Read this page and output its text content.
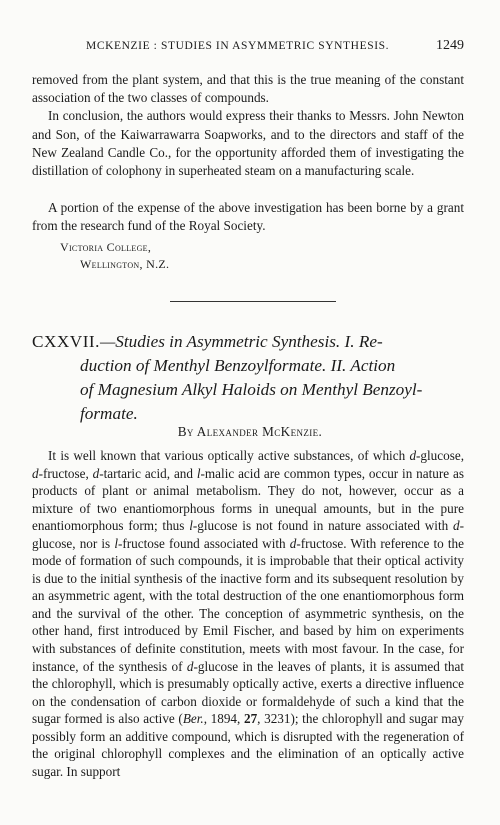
MCKENZIE : STUDIES IN ASYMMETRIC SYNTHESIS.	1249

removed from the plant system, and that this is the true meaning of the constant association of the two classes of compounds.

In conclusion, the authors would express their thanks to Messrs. John Newton and Son, of the Kaiwarrawarra Soapworks, and to the directors and staff of the New Zealand Candle Co., for the opportunity afforded them of investigating the distillation of colophony in superheated steam on a manufacturing scale.

A portion of the expense of the above investigation has been borne by a grant from the research fund of the Royal Society.

Victoria College,
Wellington, N.Z.
CXXVII.—Studies in Asymmetric Synthesis. I. Re-
duction of Menthyl Benzoylformate. II. Action
of Magnesium Alkyl Haloids on Menthyl Benzoyl-
formate.
By Alexander McKenzie.

It is well known that various optically active substances, of which d-glucose, d-fructose, d-tartaric acid, and l-malic acid are common types, occur in nature as products of plant or animal metabolism. They do not, however, occur as a mixture of two enantiomorphous forms in unequal amounts, but in the pure enantiomorphous form; thus l-glucose is not found in nature associated with d-glucose, nor is l-fructose found associated with d-fructose. With reference to the mode of formation of such compounds, it is improbable that their optical activity is due to the initial synthesis of the inactive form and its subsequent resolution by an asymmetric agent, with the total destruction of the one enantiomorphous form and the survival of the other. The conception of asymmetric synthesis, on the other hand, first introduced by Emil Fischer, and based by him on experiments with substances of definite constitution, meets with most favour. In the case, for instance, of the synthesis of d-glucose in the leaves of plants, it is assumed that the chlorophyll, which is presumably optically active, exerts a directive influence on the condensation of carbon dioxide or formaldehyde of such a kind that the sugar formed is also active (Ber., 1894, 27, 3231); the chlorophyll and sugar may possibly form an additive compound, which is disrupted with the regeneration of the original chlorophyll complexes and the elimination of an optically active sugar. In support
